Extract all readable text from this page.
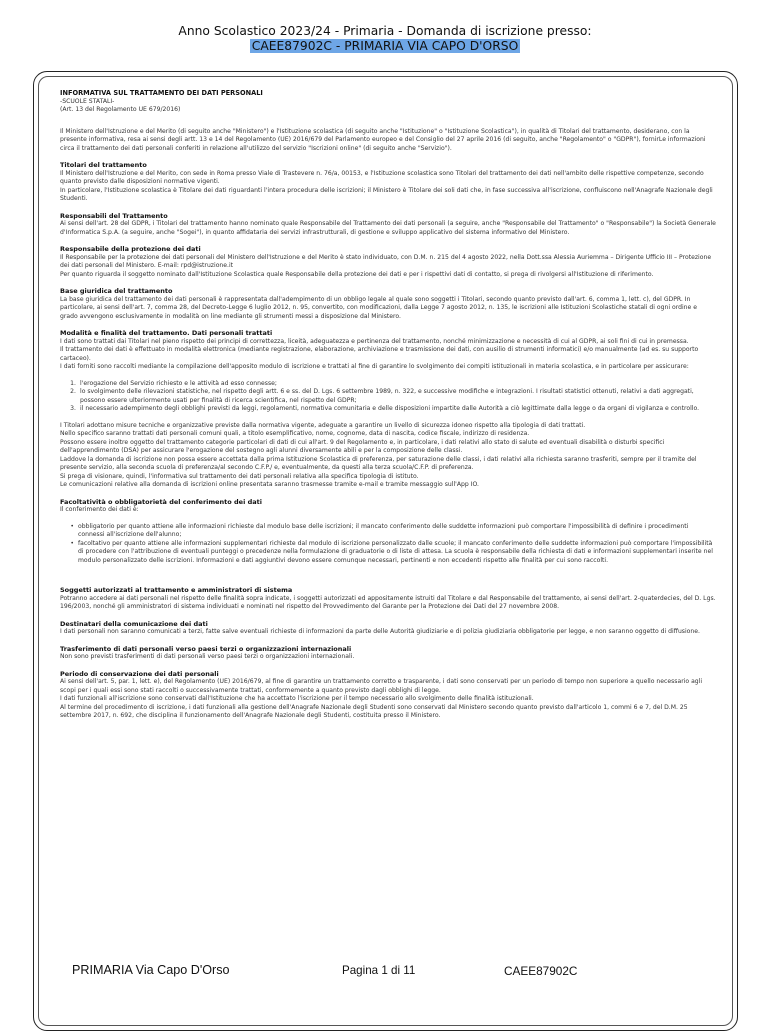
Anno Scolastico 2023/24 - Primaria - Domanda di iscrizione presso:
CAEE87902C - PRIMARIA VIA CAPO D'ORSO

INFORMATIVA SUL TRATTAMENTO DEI DATI PERSONALI

-SCUOLE STATALI-

(Art. 13 del Regolamento UE 679/2016)

Il Ministero dell'Istruzione e del Merito (di seguito anche "Ministero") e l'Istituzione scolastica (di seguito anche "Istituzione" o "Istituzione Scolastica"), in qualità di Titolari del trattamento, desiderano, con la presente informativa, resa ai sensi degli artt. 13 e 14 del Regolamento (UE) 2016/679 del Parlamento europeo e del Consiglio del 27 aprile 2016 (di seguito, anche "Regolamento" o "GDPR"), fornirLe informazioni circa il trattamento dei dati personali conferiti in relazione all'utilizzo del servizio "Iscrizioni online" (di seguito anche "Servizio").

Titolari del trattamento

Il Ministero dell'Istruzione e del Merito, con sede in Roma presso Viale di Trastevere n. 76/a, 00153, e l'Istituzione scolastica sono Titolari del trattamento dei dati nell'ambito delle rispettive competenze, secondo quanto previsto dalle disposizioni normative vigenti.

In particolare, l'Istituzione scolastica è Titolare dei dati riguardanti l'intera procedura delle iscrizioni; il Ministero è Titolare dei soli dati che, in fase successiva all'iscrizione, confluiscono nell'Anagrafe Nazionale degli Studenti.

Responsabili del Trattamento

Ai sensi dell'art. 28 del GDPR, i Titolari del trattamento hanno nominato quale Responsabile del Trattamento dei dati personali (a seguire, anche "Responsabile del Trattamento" o "Responsabile") la Società Generale d'Informatica S.p.A. (a seguire, anche "Sogei"), in quanto affidataria dei servizi infrastrutturali, di gestione e sviluppo applicativo del sistema informativo del Ministero.

Responsabile della protezione dei dati

Il Responsabile per la protezione dei dati personali del Ministero dell'Istruzione e del Merito è stato individuato, con D.M. n. 215 del 4 agosto 2022, nella Dott.ssa Alessia Auriemma – Dirigente Ufficio III – Protezione dei dati personali del Ministero. E-mail: rpd@istruzione.it

Per quanto riguarda il soggetto nominato dall'Istituzione Scolastica quale Responsabile della protezione dei dati e per i rispettivi dati di contatto, si prega di rivolgersi all'Istituzione di riferimento.

Base giuridica del trattamento

La base giuridica del trattamento dei dati personali è rappresentata dall'adempimento di un obbligo legale al quale sono soggetti i Titolari, secondo quanto previsto dall'art. 6, comma 1, lett. c), del GDPR. In particolare, ai sensi dell'art. 7, comma 28, del Decreto-Legge 6 luglio 2012, n. 95, convertito, con modificazioni, dalla Legge 7 agosto 2012, n. 135, le iscrizioni alle Istituzioni Scolastiche statali di ogni ordine e grado avvengono esclusivamente in modalità on line mediante gli strumenti messi a disposizione dal Ministero.

Modalità e finalità del trattamento. Dati personali trattati

I dati sono trattati dai Titolari nel pieno rispetto dei principi di correttezza, liceità, adeguatezza e pertinenza del trattamento, nonché minimizzazione e necessità di cui al GDPR, ai soli fini di cui in premessa.

Il trattamento dei dati è effettuato in modalità elettronica (mediante registrazione, elaborazione, archiviazione e trasmissione dei dati, con ausilio di strumenti informatici) e/o manualmente (ad es. su supporto cartaceo).

I dati forniti sono raccolti mediante la compilazione dell'apposito modulo di iscrizione e trattati al fine di garantire lo svolgimento dei compiti istituzionali in materia scolastica, e in particolare per assicurare:

1. l'erogazione del Servizio richiesto e le attività ad esso connesse;
2. lo svolgimento delle rilevazioni statistiche, nel rispetto degli artt. 6 e ss. del D. Lgs. 6 settembre 1989, n. 322, e successive modifiche e integrazioni. I risultati statistici ottenuti, relativi a dati aggregati, possono essere ulteriormente usati per finalità di ricerca scientifica, nel rispetto del GDPR;
3. il necessario adempimento degli obblighi previsti da leggi, regolamenti, normativa comunitaria e delle disposizioni impartite dalle Autorità a ciò legittimate dalla legge o da organi di vigilanza e controllo.

I Titolari adottano misure tecniche e organizzative previste dalla normativa vigente, adeguate a garantire un livello di sicurezza idoneo rispetto alla tipologia di dati trattati.

Nello specifico saranno trattati dati personali comuni quali, a titolo esemplificativo, nome, cognome, data di nascita, codice fiscale, indirizzo di residenza.

Possono essere inoltre oggetto del trattamento categorie particolari di dati di cui all'art. 9 del Regolamento e, in particolare, i dati relativi allo stato di salute ed eventuali disabilità o disturbi specifici dell'apprendimento (DSA) per assicurare l'erogazione del sostegno agli alunni diversamente abili e per la composizione delle classi.

Laddove la domanda di iscrizione non possa essere accettata dalla prima Istituzione Scolastica di preferenza, per saturazione delle classi, i dati relativi alla richiesta saranno trasferiti, sempre per il tramite del presente servizio, alla seconda scuola di preferenza/al secondo C.F.P./ e, eventualmente, da questi alla terza scuola/C.F.P. di preferenza.

Si prega di visionare, quindi, l'informativa sul trattamento dei dati personali relativa alla specifica tipologia di istituto.

Le comunicazioni relative alla domanda di iscrizioni online presentata saranno trasmesse tramite e-mail e tramite messaggio sull'App IO.

Facoltatività o obbligatorietà del conferimento dei dati

Il conferimento dei dati è:

• obbligatorio per quanto attiene alle informazioni richieste dal modulo base delle iscrizioni; il mancato conferimento delle suddette informazioni può comportare l'impossibilità di definire i procedimenti connessi all'iscrizione dell'alunno;
• facoltativo per quanto attiene alle informazioni supplementari richieste dal modulo di iscrizione personalizzato dalle scuole; il mancato conferimento delle suddette informazioni può comportare l'impossibilità di procedere con l'attribuzione di eventuali punteggi o precedenze nella formulazione di graduatorie o di liste di attesa. La scuola è responsabile della richiesta di dati e informazioni supplementari inserite nel modulo personalizzato delle iscrizioni. Informazioni e dati aggiuntivi devono essere comunque necessari, pertinenti e non eccedenti rispetto alle finalità per cui sono raccolti.
Soggetti autorizzati al trattamento e amministratori di sistema

Potranno accedere ai dati personali nel rispetto delle finalità sopra indicate, i soggetti autorizzati ed appositamente istruiti dal Titolare e dal Responsabile del trattamento, ai sensi dell'art. 2-quaterdecies, del D. Lgs. 196/2003, nonché gli amministratori di sistema individuati e nominati nel rispetto del Provvedimento del Garante per la Protezione dei Dati del 27 novembre 2008.

Destinatari della comunicazione dei dati

I dati personali non saranno comunicati a terzi, fatte salve eventuali richieste di informazioni da parte delle Autorità giudiziarie e di polizia giudiziaria obbligatorie per legge, e non saranno oggetto di diffusione.

Trasferimento di dati personali verso paesi terzi o organizzazioni internazionali

Non sono previsti trasferimenti di dati personali verso paesi terzi o organizzazioni internazionali.

Periodo di conservazione dei dati personali

Ai sensi dell'art. 5, par. 1, lett. e), del Regolamento (UE) 2016/679, al fine di garantire un trattamento corretto e trasparente, i dati sono conservati per un periodo di tempo non superiore a quello necessario agli scopi per i quali essi sono stati raccolti o successivamente trattati, conformemente a quanto previsto dagli obblighi di legge.

I dati funzionali all'iscrizione sono conservati dall'Istituzione che ha accettato l'iscrizione per il tempo necessario allo svolgimento delle finalità istituzionali.

Al termine del procedimento di iscrizione, i dati funzionali alla gestione dell'Anagrafe Nazionale degli Studenti sono conservati dal Ministero secondo quanto previsto dall'articolo 1, commi 6 e 7, del D.M. 25 settembre 2017, n. 692, che disciplina il funzionamento dell'Anagrafe Nazionale degli Studenti, costituita presso il Ministero.

PRIMARIA Via Capo D'Orso	Pagina 1 di 11	CAEE87902C
